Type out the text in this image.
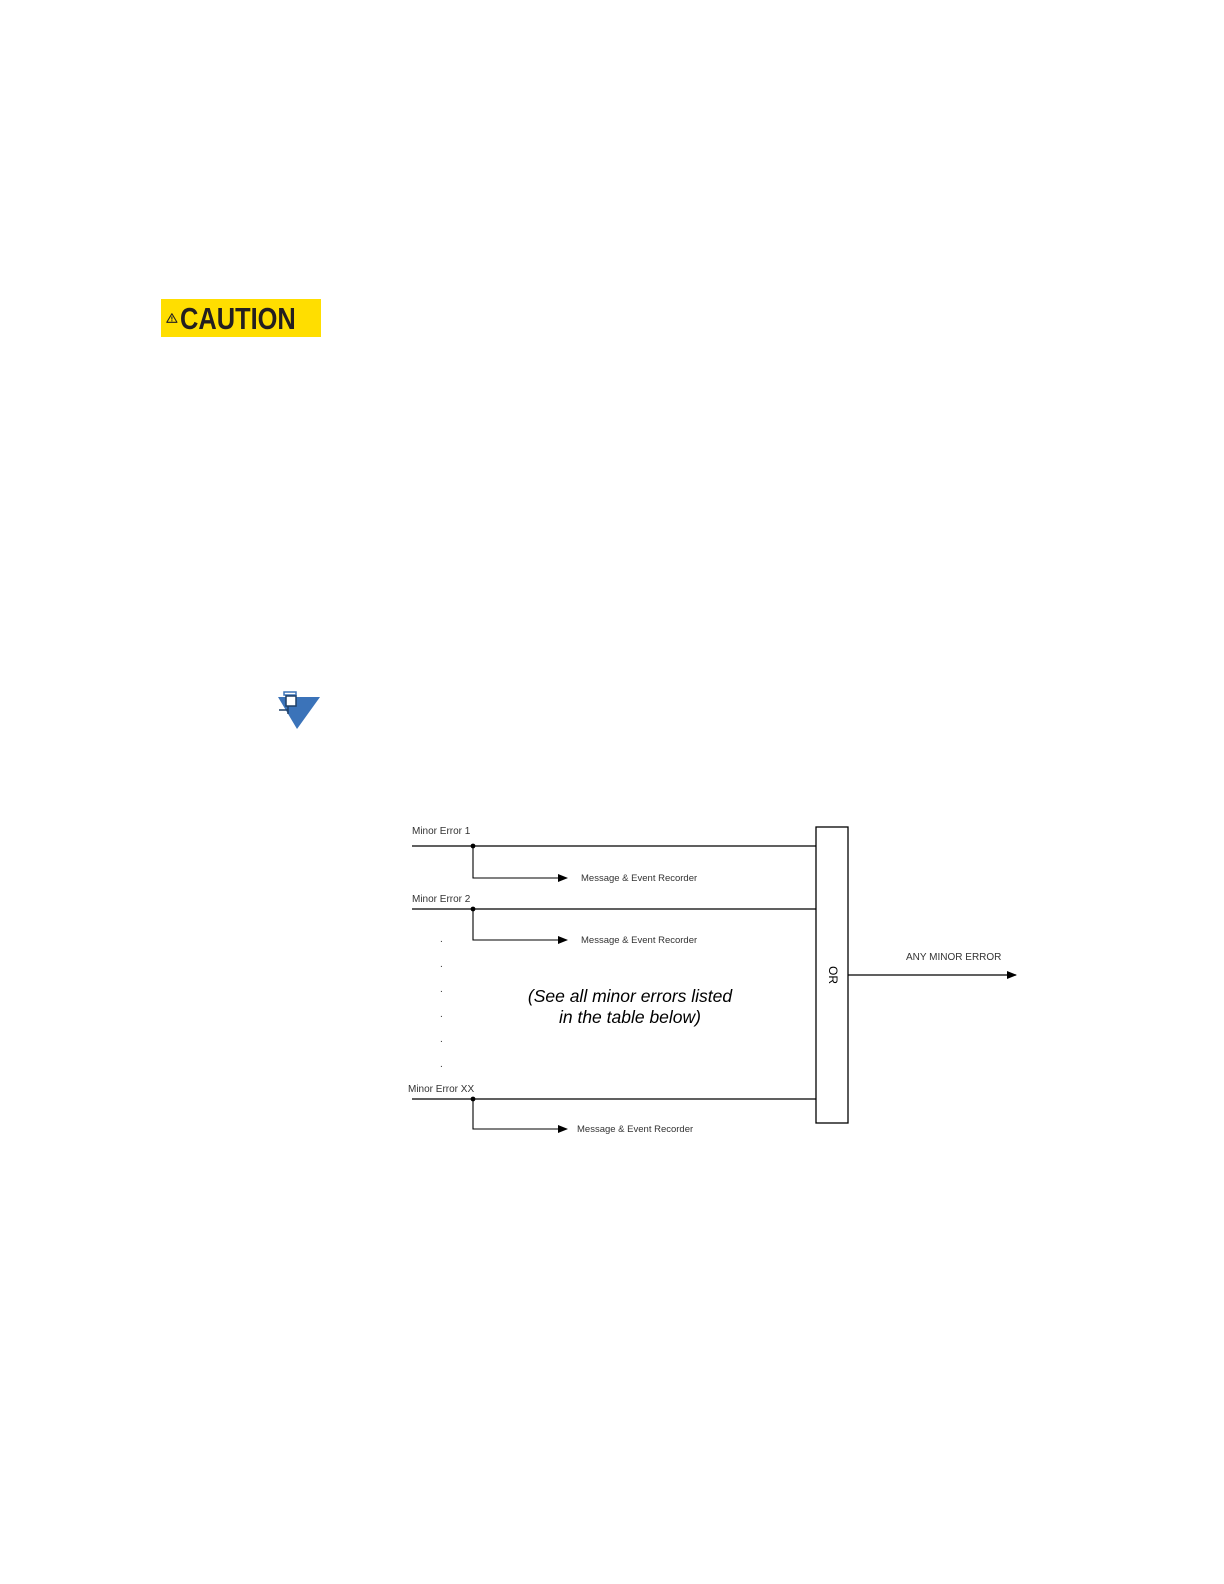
CAUTION
Minor Error 1
Message & Event Recorder
Minor Error 2
Message & Event Recorder
.
.
.
.
.
.
(See all minor errors listed
in the table below)
Minor Error XX
Message & Event Recorder
OR
ANY MINOR ERROR
